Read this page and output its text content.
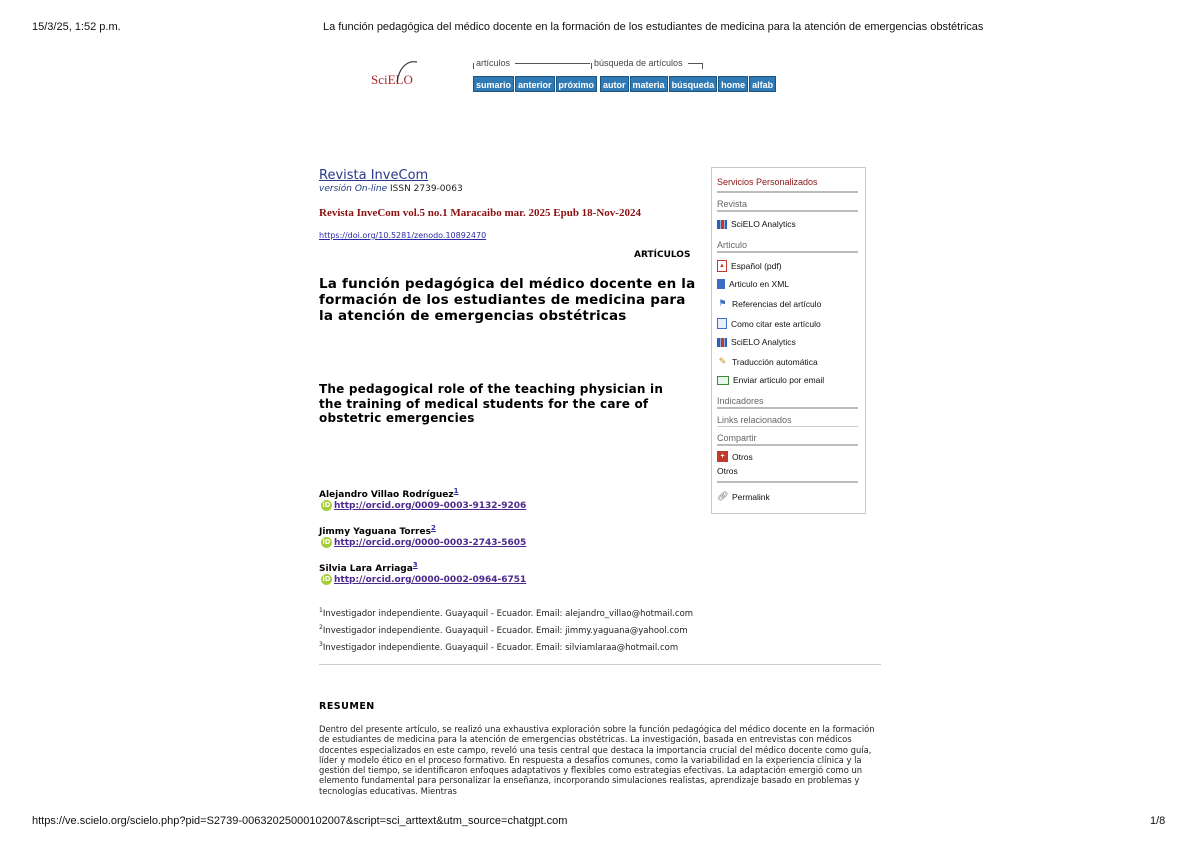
15/3/25, 1:52 p.m.	La función pedagógica del médico docente en la formación de los estudiantes de medicina para la atención de emergencias obstétricas
SciELO
artículos	búsqueda de artículos
sumario anterior próximo	autor materia búsqueda home alfab
Revista InveCom
versión On-line ISSN 2739-0063
Revista InveCom vol.5 no.1 Maracaibo mar. 2025 Epub 18-Nov-2024
https://doi.org/10.5281/zenodo.10892470
ARTÍCULOS
La función pedagógica del médico docente en la formación de los estudiantes de medicina para la atención de emergencias obstétricas
The pedagogical role of the teaching physician in the training of medical students for the care of obstetric emergencies
Alejandro Villao Rodríguez$^1$
iD http://orcid.org/0009-0003-9132-9206
Jimmy Yaguana Torres$^2$
iD http://orcid.org/0000-0003-2743-5605
Silvia Lara Arriaga$^3$
iD http://orcid.org/0000-0002-0964-6751
$^1$Investigador independiente. Guayaquil - Ecuador. Email: alejandro_villao@hotmail.com
$^2$Investigador independiente. Guayaquil - Ecuador. Email: jimmy.yaguana@yahool.com
$^3$Investigador independiente. Guayaquil - Ecuador. Email: silviamlaraa@hotmail.com
RESUMEN
Dentro del presente artículo, se realizó una exhaustiva exploración sobre la función pedagógica del médico docente en la formación de estudiantes de medicina para la atención de emergencias obstétricas. La investigación, basada en entrevistas con médicos docentes especializados en este campo, reveló una tesis central que destaca la importancia crucial del médico docente como guía, líder y modelo ético en el proceso formativo. En respuesta a desafíos comunes, como la variabilidad en la experiencia clínica y la gestión del tiempo, se identificaron enfoques adaptativos y flexibles como estrategias efectivas. La adaptación emergió como un elemento fundamental para personalizar la enseñanza, incorporando simulaciones realistas, aprendizaje basado en problemas y tecnologías educativas. Mientras
Servicios Personalizados
Revista
SciELO Analytics
Articulo
▲ Español (pdf)
Articulo en XML
⚑ Referencias del artículo
Como citar este artículo
SciELO Analytics
✎ Traducción automática
Enviar articulo por email
Indicadores
Links relacionados
Compartir
+ Otros
Otros
🔗︎ Permalink
https://ve.scielo.org/scielo.php?pid=S2739-00632025000102007&script=sci_arttext&utm_source=chatgpt.com	1/8
